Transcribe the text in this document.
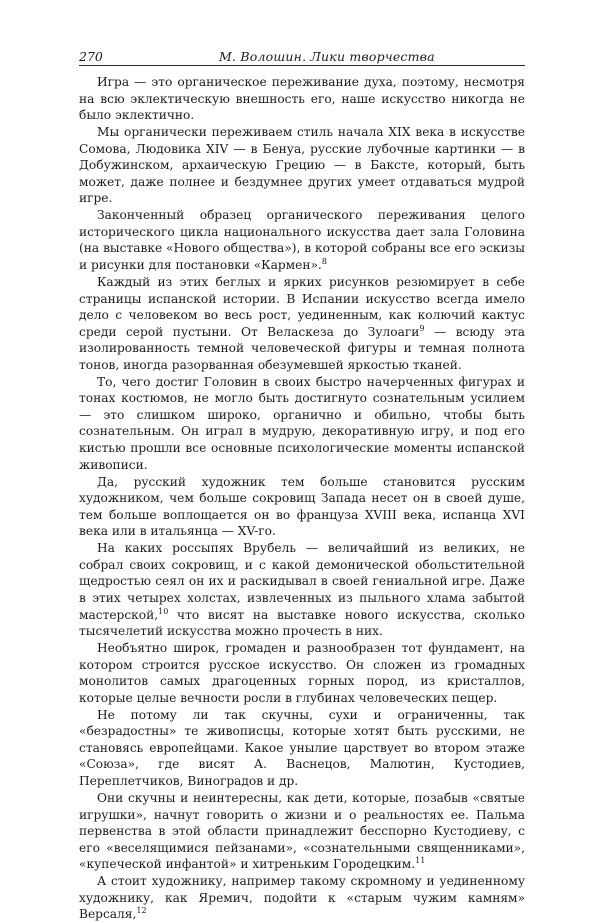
270	М. Волошин. Лики творчества

Игра — это органическое переживание духа, поэтому, несмотря на всю эклектическую внешность его, наше искусство никогда не было эклектично.

Мы органически переживаем стиль начала XIX века в искусстве Сомова, Людовика XIV — в Бенуа, русские лубочные картинки — в Добужинском, архаическую Грецию — в Баксте, который, быть может, даже полнее и бездумнее других умеет отдаваться мудрой игре.

Законченный образец органического переживания целого исторического цикла национального искусства дает зала Головина (на выставке «Нового общества»), в которой собраны все его эскизы и рисунки для постановки «Кармен».$^8$

Каждый из этих беглых и ярких рисунков резюмирует в себе страницы испанской истории. В Испании искусство всегда имело дело с человеком во весь рост, уединенным, как колючий кактус среди серой пустыни. От Веласкеза до Зулоаги$^9$ — всюду эта изолированность темной человеческой фигуры и темная полнота тонов, иногда разорванная обезумевшей яркостью тканей.

То, чего достиг Головин в своих быстро начерченных фигурах и тонах костюмов, не могло быть достигнуто сознательным усилием — это слишком широко, органично и обильно, чтобы быть сознательным. Он играл в мудрую, декоративную игру, и под его кистью прошли все основные психологические моменты испанской живописи.

Да, русский художник тем больше становится русским художником, чем больше сокровищ Запада несет он в своей душе, тем больше воплощается он во француза XVIII века, испанца XVI века или в итальянца — XV-го.

На каких россыпях Врубель — величайший из великих, не собрал своих сокровищ, и с какой демонической обольстительной щедростью сеял он их и раскидывал в своей гениальной игре. Даже в этих четырех холстах, извлеченных из пыльного хлама забытой мастерской,$^{10}$ что висят на выставке нового искусства, сколько тысячелетий искусства можно прочесть в них.

Необъятно широк, громаден и разнообразен тот фундамент, на котором строится русское искусство. Он сложен из громадных монолитов самых драгоценных горных пород, из кристаллов, которые целые вечности росли в глубинах человеческих пещер.

Не потому ли так скучны, сухи и ограниченны, так «безрадостны» те живописцы, которые хотят быть русскими, не становясь европейцами. Какое унылие царствует во втором этаже «Союза», где висят А. Васнецов, Малютин, Кустодиев, Переплетчиков, Виноградов и др.

Они скучны и неинтересны, как дети, которые, позабыв «святые игрушки», начнут говорить о жизни и о реальностях ее. Пальма первенства в этой области принадлежит бесспорно Кустодиеву, с его «веселящимися пейзанами», «сознательными священниками», «купеческой инфантой» и хитреньким Городецким.$^{11}$

А стоит художнику, например такому скромному и уединенному художнику, как Яремич, подойти к «старым чужим камням» Версаля,$^{12}$
